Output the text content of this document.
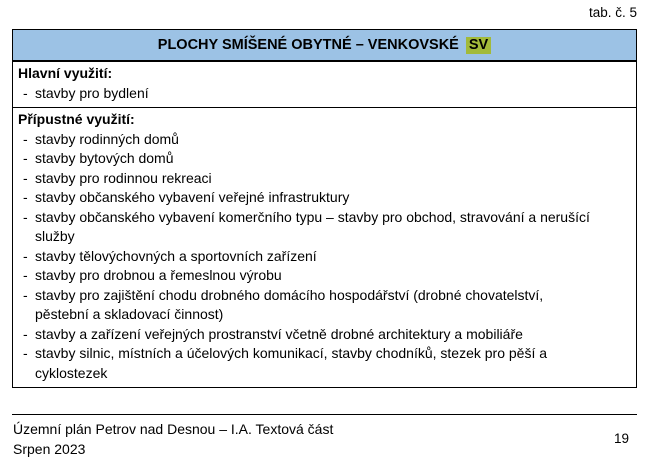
tab. č. 5
PLOCHY SMÍŠENÉ OBYTNÉ – VENKOVSKÉ SV
Hlavní využití:
- stavby pro bydlení
Přípustné využití:
- stavby rodinných domů
- stavby bytových domů
- stavby pro rodinnou rekreaci
- stavby občanského vybavení veřejné infrastruktury
- stavby občanského vybavení komerčního typu – stavby pro obchod, stravování a nerušící služby
- stavby tělovýchovných a sportovních zařízení
- stavby pro drobnou a řemeslnou výrobu
- stavby pro zajištění chodu drobného domácího hospodářství (drobné chovatelství, pěstební a skladovací činnost)
- stavby a zařízení veřejných prostranství včetně drobné architektury a mobiliáře
- stavby silnic, místních a účelových komunikací, stavby chodníků, stezek pro pěší a cyklostezek
Územní plán Petrov nad Desnou – I.A. Textová část
Srpen 2023
19
